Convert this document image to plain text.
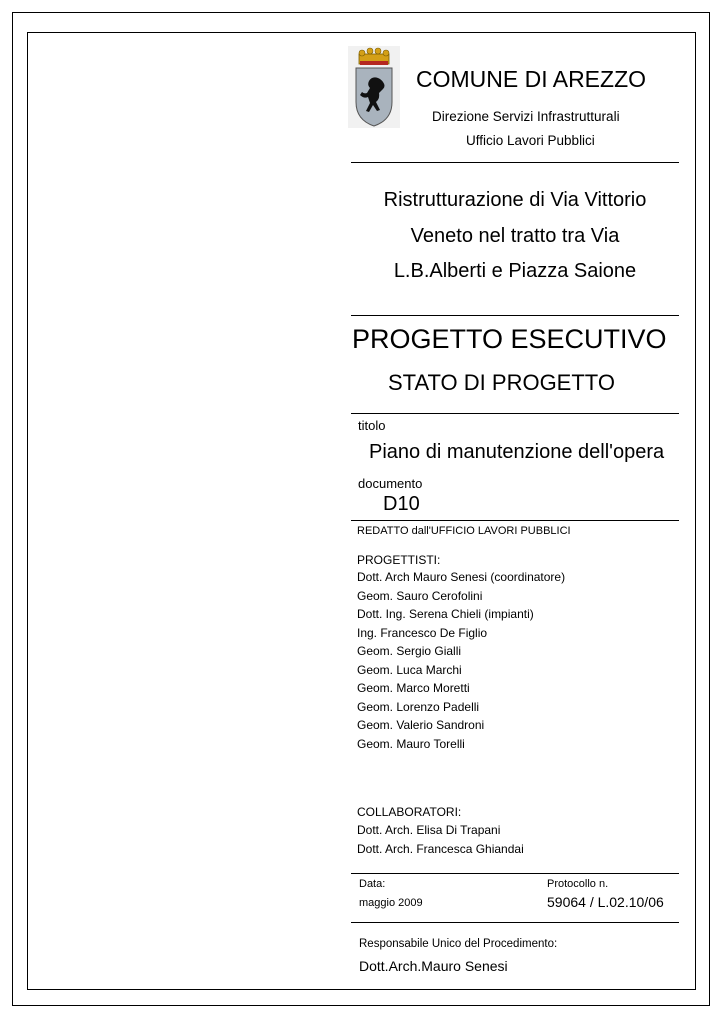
COMUNE DI AREZZO
Direzione Servizi Infrastrutturali
Ufficio Lavori Pubblici
Ristrutturazione di Via Vittorio
Veneto nel tratto tra Via
L.B.Alberti e Piazza Saione
PROGETTO ESECUTIVO
STATO DI PROGETTO
titolo
Piano di manutenzione dell'opera
documento
D10
REDATTO dall'UFFICIO LAVORI PUBBLICI
PROGETTISTI:
Dott. Arch Mauro Senesi (coordinatore)
Geom. Sauro Cerofolini
Dott. Ing. Serena Chieli (impianti)
Ing. Francesco De Figlio
Geom. Sergio Gialli
Geom. Luca Marchi
Geom. Marco Moretti
Geom. Lorenzo Padelli
Geom. Valerio Sandroni
Geom. Mauro Torelli
COLLABORATORI:
Dott. Arch. Elisa Di Trapani
Dott. Arch. Francesca Ghiandai
Data:
maggio 2009
Protocollo n.
59064 / L.02.10/06
Responsabile Unico del Procedimento:
Dott.Arch.Mauro Senesi
